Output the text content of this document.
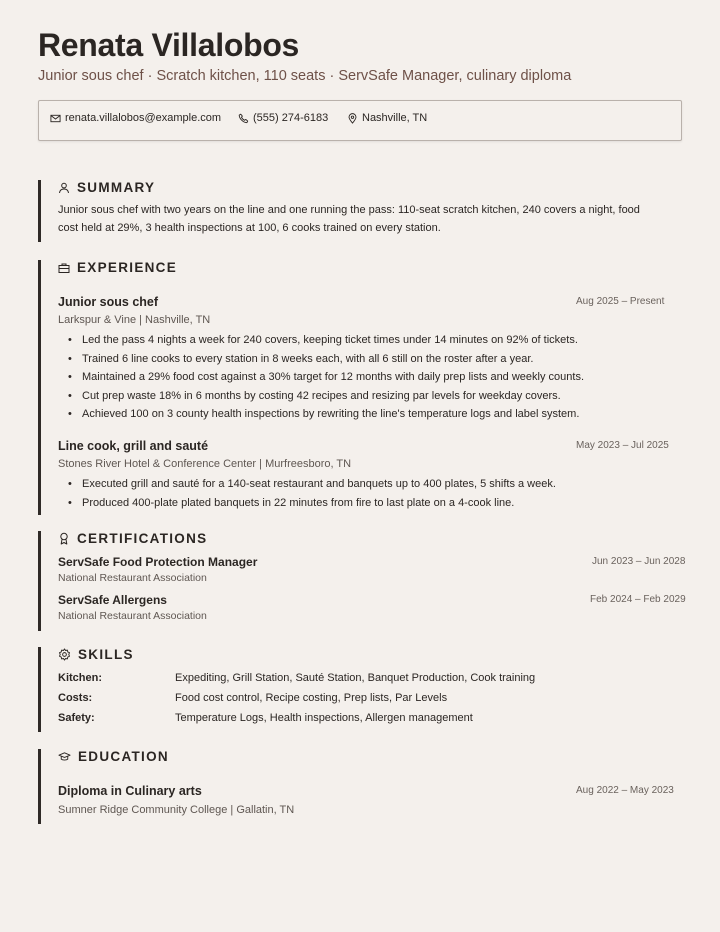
Renata Villalobos
Junior sous chef · Scratch kitchen, 110 seats · ServSafe Manager, culinary diploma
renata.villalobos@example.com	(555) 274-6183	Nashville, TN
SUMMARY
Junior sous chef with two years on the line and one running the pass: 110-seat scratch kitchen, 240 covers a night, food cost held at 29%, 3 health inspections at 100, 6 cooks trained on every station.
EXPERIENCE
Junior sous chef	Aug 2025 – Present
Larkspur & Vine | Nashville, TN
• Led the pass 4 nights a week for 240 covers, keeping ticket times under 14 minutes on 92% of tickets.
• Trained 6 line cooks to every station in 8 weeks each, with all 6 still on the roster after a year.
• Maintained a 29% food cost against a 30% target for 12 months with daily prep lists and weekly counts.
• Cut prep waste 18% in 6 months by costing 42 recipes and resizing par levels for weekday covers.
• Achieved 100 on 3 county health inspections by rewriting the line's temperature logs and label system.
Line cook, grill and sauté	May 2023 – Jul 2025
Stones River Hotel & Conference Center | Murfreesboro, TN
• Executed grill and sauté for a 140-seat restaurant and banquets up to 400 plates, 5 shifts a week.
• Produced 400-plate plated banquets in 22 minutes from fire to last plate on a 4-cook line.
CERTIFICATIONS
ServSafe Food Protection Manager	Jun 2023 – Jun 2028
National Restaurant Association
ServSafe Allergens	Feb 2024 – Feb 2029
National Restaurant Association
SKILLS
Kitchen:	Expediting, Grill Station, Sauté Station, Banquet Production, Cook training
Costs:	Food cost control, Recipe costing, Prep lists, Par Levels
Safety:	Temperature Logs, Health inspections, Allergen management
EDUCATION
Diploma in Culinary arts	Aug 2022 – May 2023
Sumner Ridge Community College | Gallatin, TN
